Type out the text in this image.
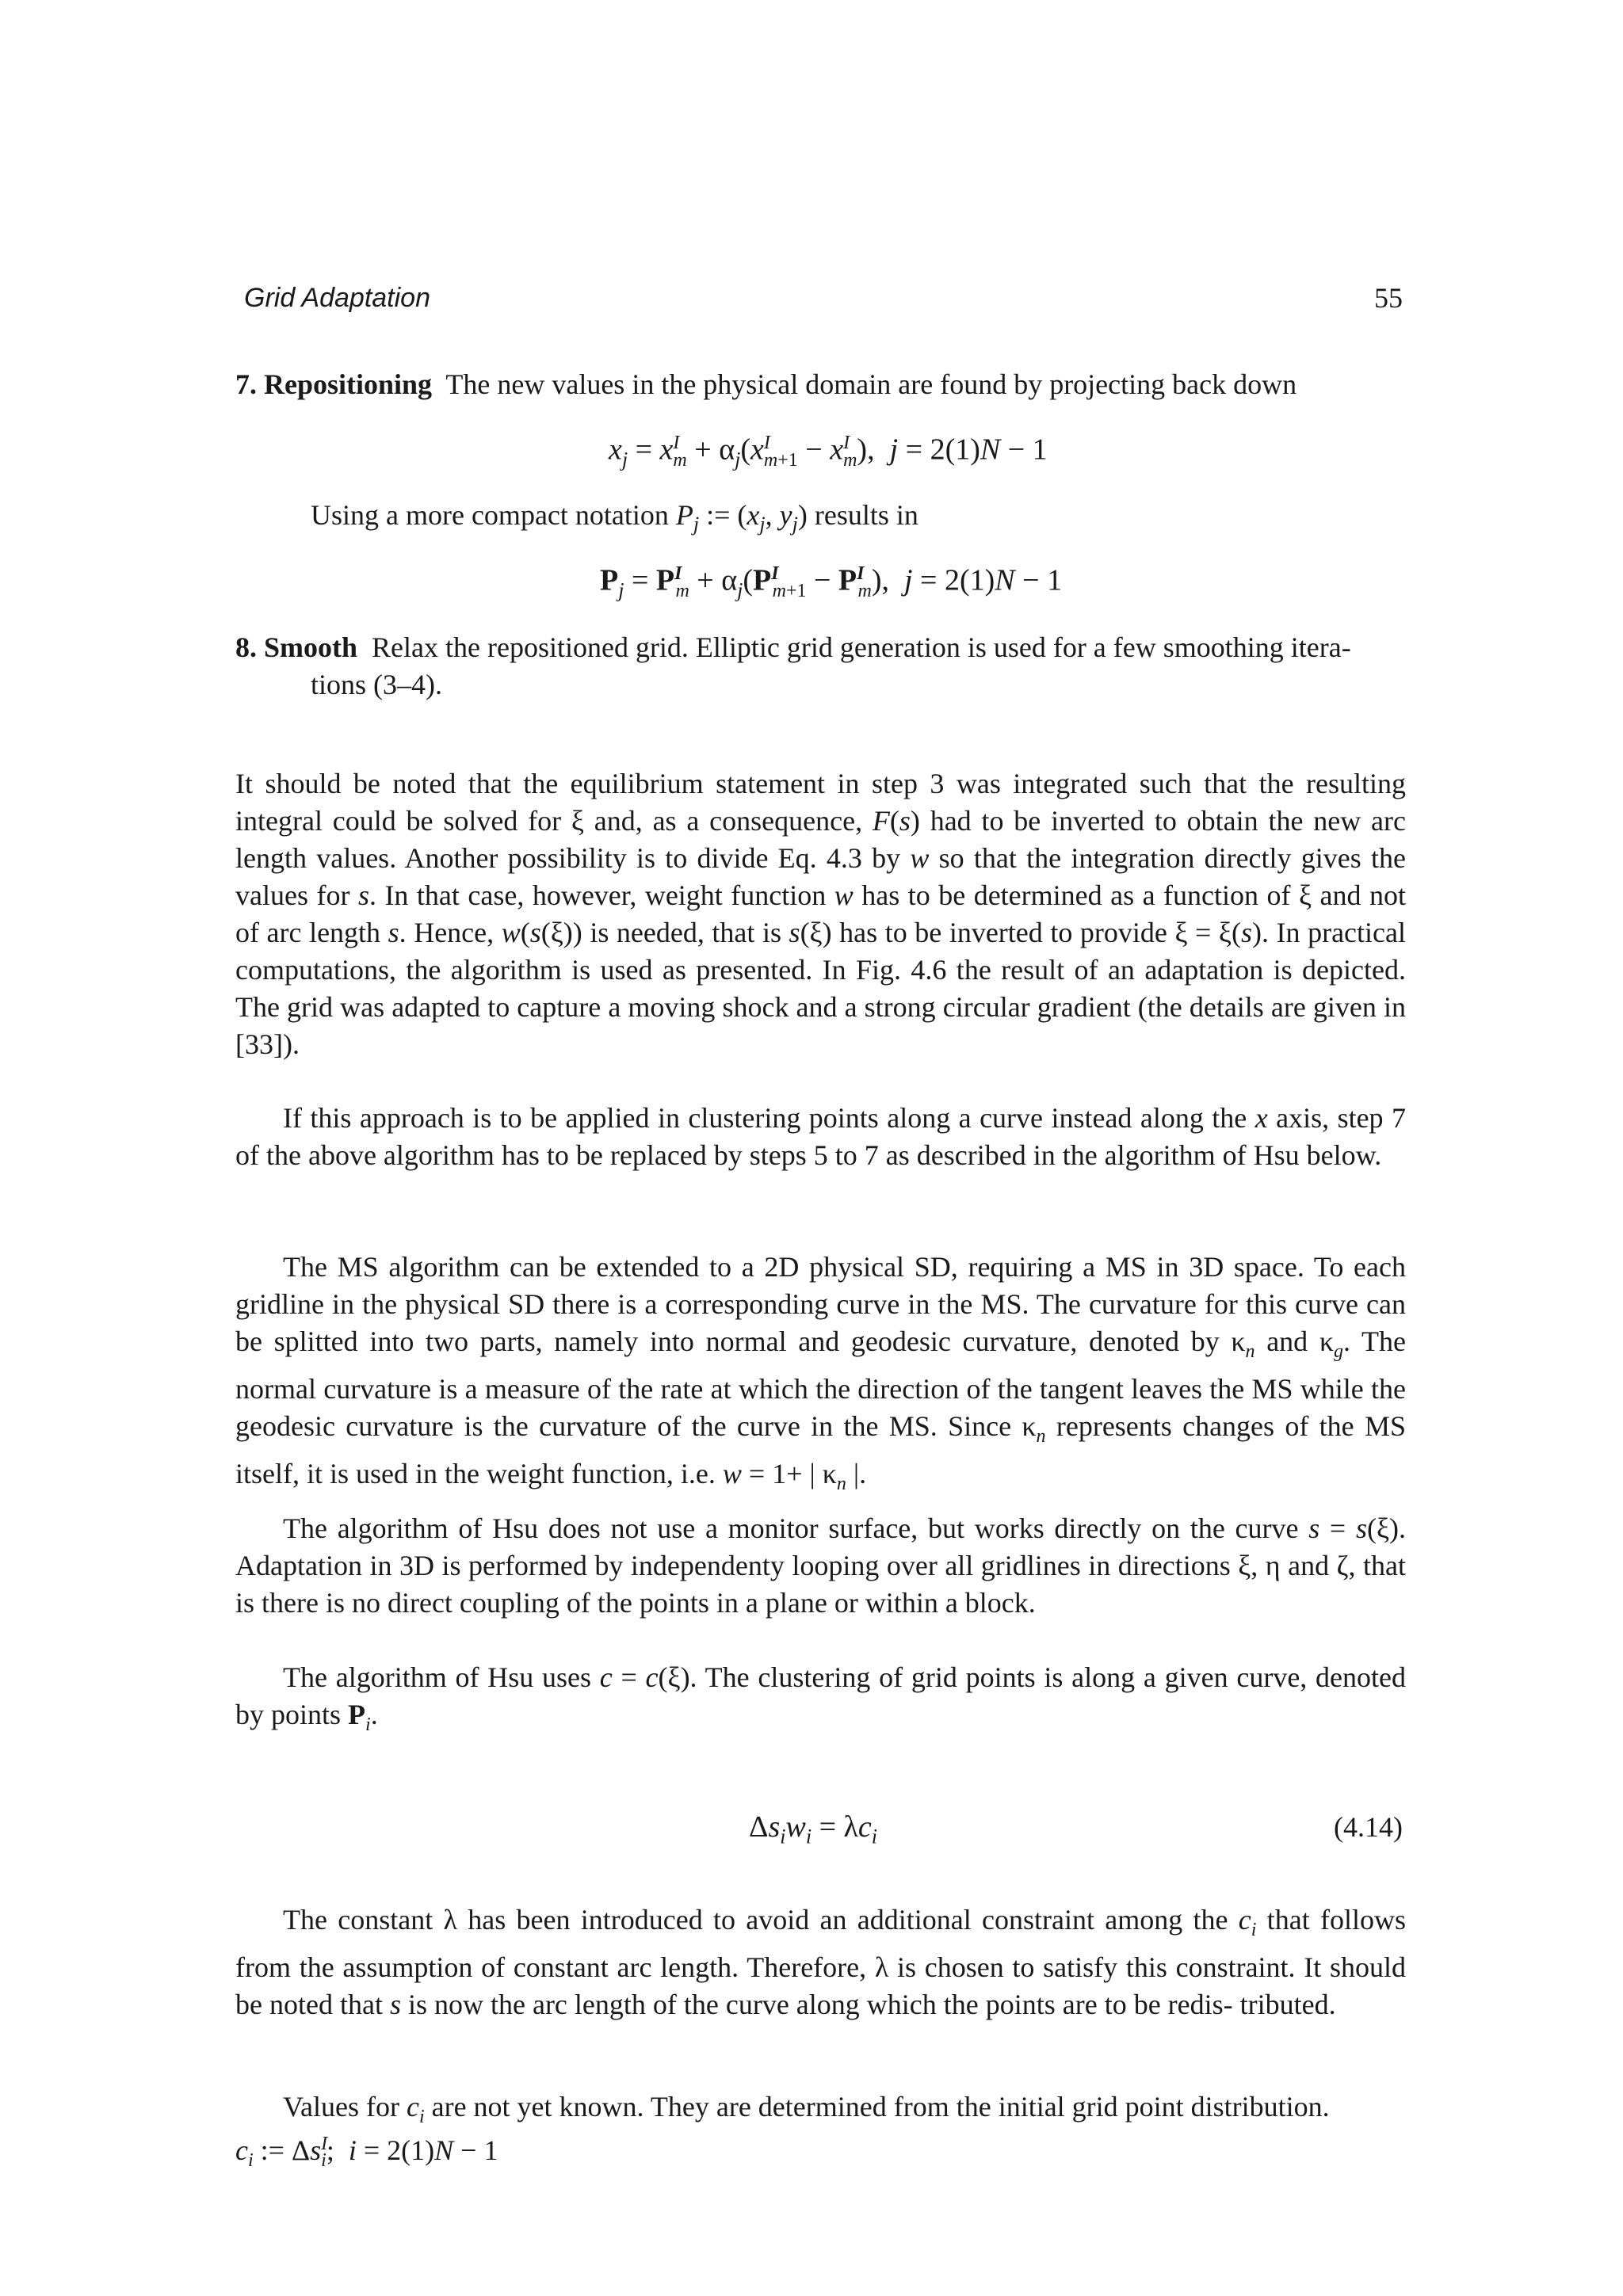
Grid Adaptation	55
7. Repositioning The new values in the physical domain are found by projecting back down
$x_j = x^I_m + \alpha_j(x^I_{m+1} - x^I_m)$,  j = 2(1)N − 1
Using a more compact notation $P_j$ := ($x_j$, $y_j$) results in
$P_j = P^I_m + \alpha_j(P^I_{m+1} - P^I_m)$,  j = 2(1)N − 1
8. Smooth  Relax the repositioned grid. Elliptic grid generation is used for a few smoothing itera-
tions (3–4).
It should be noted that the equilibrium statement in step 3 was integrated such that the resulting integral could be solved for ξ and, as a consequence, F(s) had to be inverted to obtain the new arc length values. Another possibility is to divide Eq. 4.3 by w so that the integration directly gives the values for s. In that case, however, weight function w has to be determined as a function of ξ and not of arc length s. Hence, w(s(ξ)) is needed, that is s(ξ) has to be inverted to provide ξ = ξ(s). In practical computations, the algorithm is used as presented. In Fig. 4.6 the result of an adaptation is depicted. The grid was adapted to capture a moving shock and a strong circular gradient (the details are given in [33]).
If this approach is to be applied in clustering points along a curve instead along the x axis, step 7 of the above algorithm has to be replaced by steps 5 to 7 as described in the algorithm of Hsu below.
The MS algorithm can be extended to a 2D physical SD, requiring a MS in 3D space. To each gridline in the physical SD there is a corresponding curve in the MS. The curvature for this curve can be splitted into two parts, namely into normal and geodesic curvature, denoted by $\kappa_n$ and $\kappa_g$. The normal curvature is a measure of the rate at which the direction of the tangent leaves the MS while the geodesic curvature is the curvature of the curve in the MS. Since $\kappa_n$ represents changes of the MS itself, it is used in the weight function, i.e. w = 1+ | $\kappa_n$ |.
The algorithm of Hsu does not use a monitor surface, but works directly on the curve s = s(ξ). Adaptation in 3D is performed by independenty looping over all gridlines in directions ξ, η and ζ, that is there is no direct coupling of the points in a plane or within a block.
The algorithm of Hsu uses c = c(ξ). The clustering of grid points is along a given curve, denoted by points $P_i$.
$\Delta s_iw_i = \lambda c_i$	(4.14)
The constant λ has been introduced to avoid an additional constraint among the $c_i$ that follows from the assumption of constant arc length. Therefore, λ is chosen to satisfy this constraint. It should be noted that s is now the arc length of the curve along which the points are to be redis- tributed.
Values for $c_i$ are not yet known. They are determined from the initial grid point distribution.
$c_i$ := $\Delta s^I_i$;  i = 2(1)N − 1
